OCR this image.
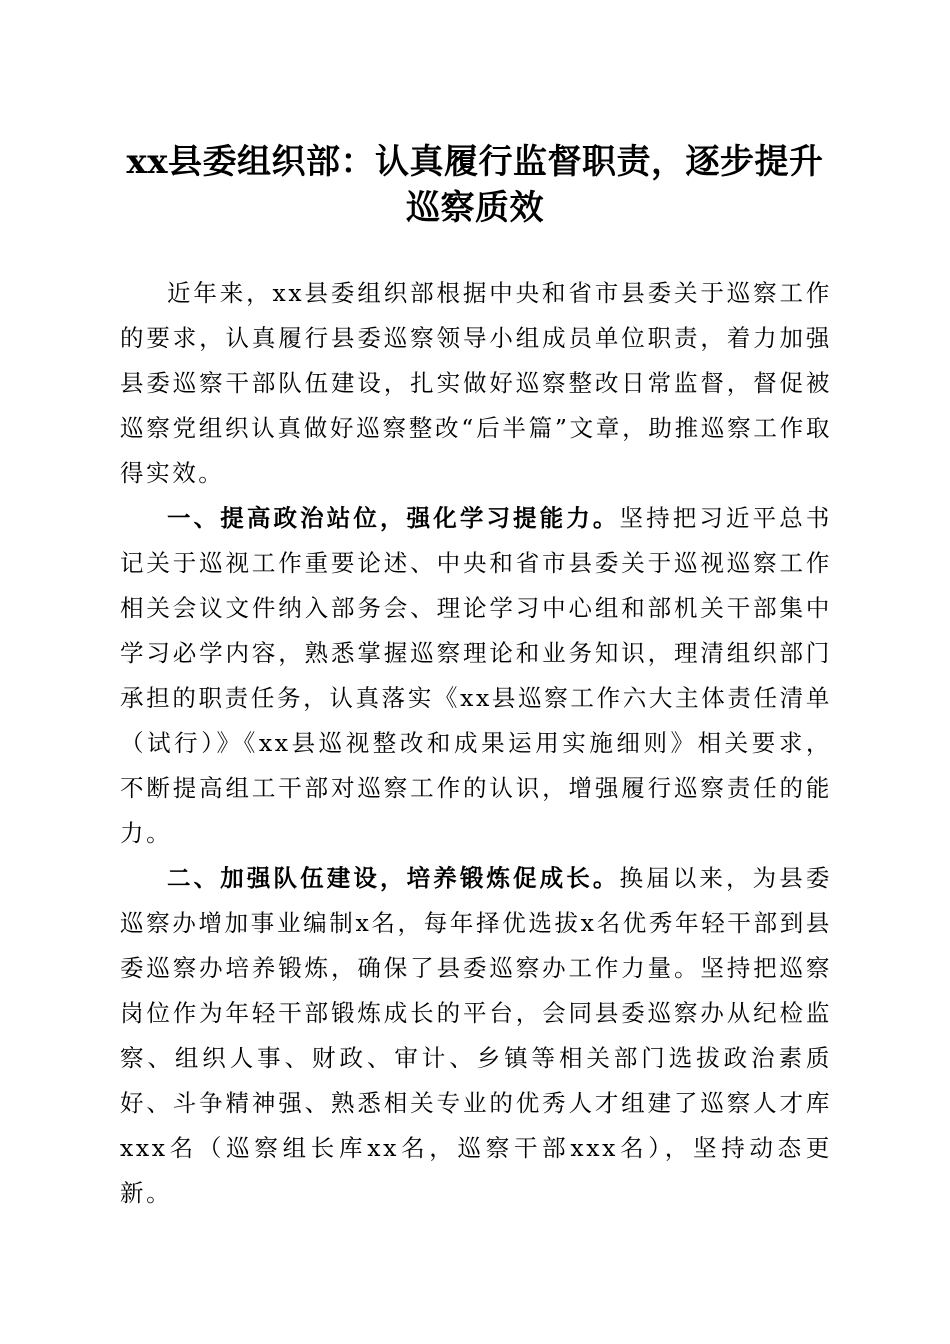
xx县委组织部：认真履行监督职责，逐步提升巡察质效

近年来，xx县委组织部根据中央和省市县委关于巡察工作的要求，认真履行县委巡察领导小组成员单位职责，着力加强县委巡察干部队伍建设，扎实做好巡察整改日常监督，督促被巡察党组织认真做好巡察整改“后半篇”文章，助推巡察工作取得实效。

一、提高政治站位，强化学习提能力。坚持把习近平总书记关于巡视工作重要论述、中央和省市县委关于巡视巡察工作相关会议文件纳入部务会、理论学习中心组和部机关干部集中学习必学内容，熟悉掌握巡察理论和业务知识，理清组织部门承担的职责任务，认真落实《xx县巡察工作六大主体责任清单（试行）》《xx县巡视整改和成果运用实施细则》相关要求，不断提高组工干部对巡察工作的认识，增强履行巡察责任的能力。

二、加强队伍建设，培养锻炼促成长。换届以来，为县委巡察办增加事业编制x名，每年择优选拔x名优秀年轻干部到县委巡察办培养锻炼，确保了县委巡察办工作力量。坚持把巡察岗位作为年轻干部锻炼成长的平台，会同县委巡察办从纪检监察、组织人事、财政、审计、乡镇等相关部门选拔政治素质好、斗争精神强、熟悉相关专业的优秀人才组建了巡察人才库xxx名（巡察组长库xx名，巡察干部xxx名），坚持动态更新。
